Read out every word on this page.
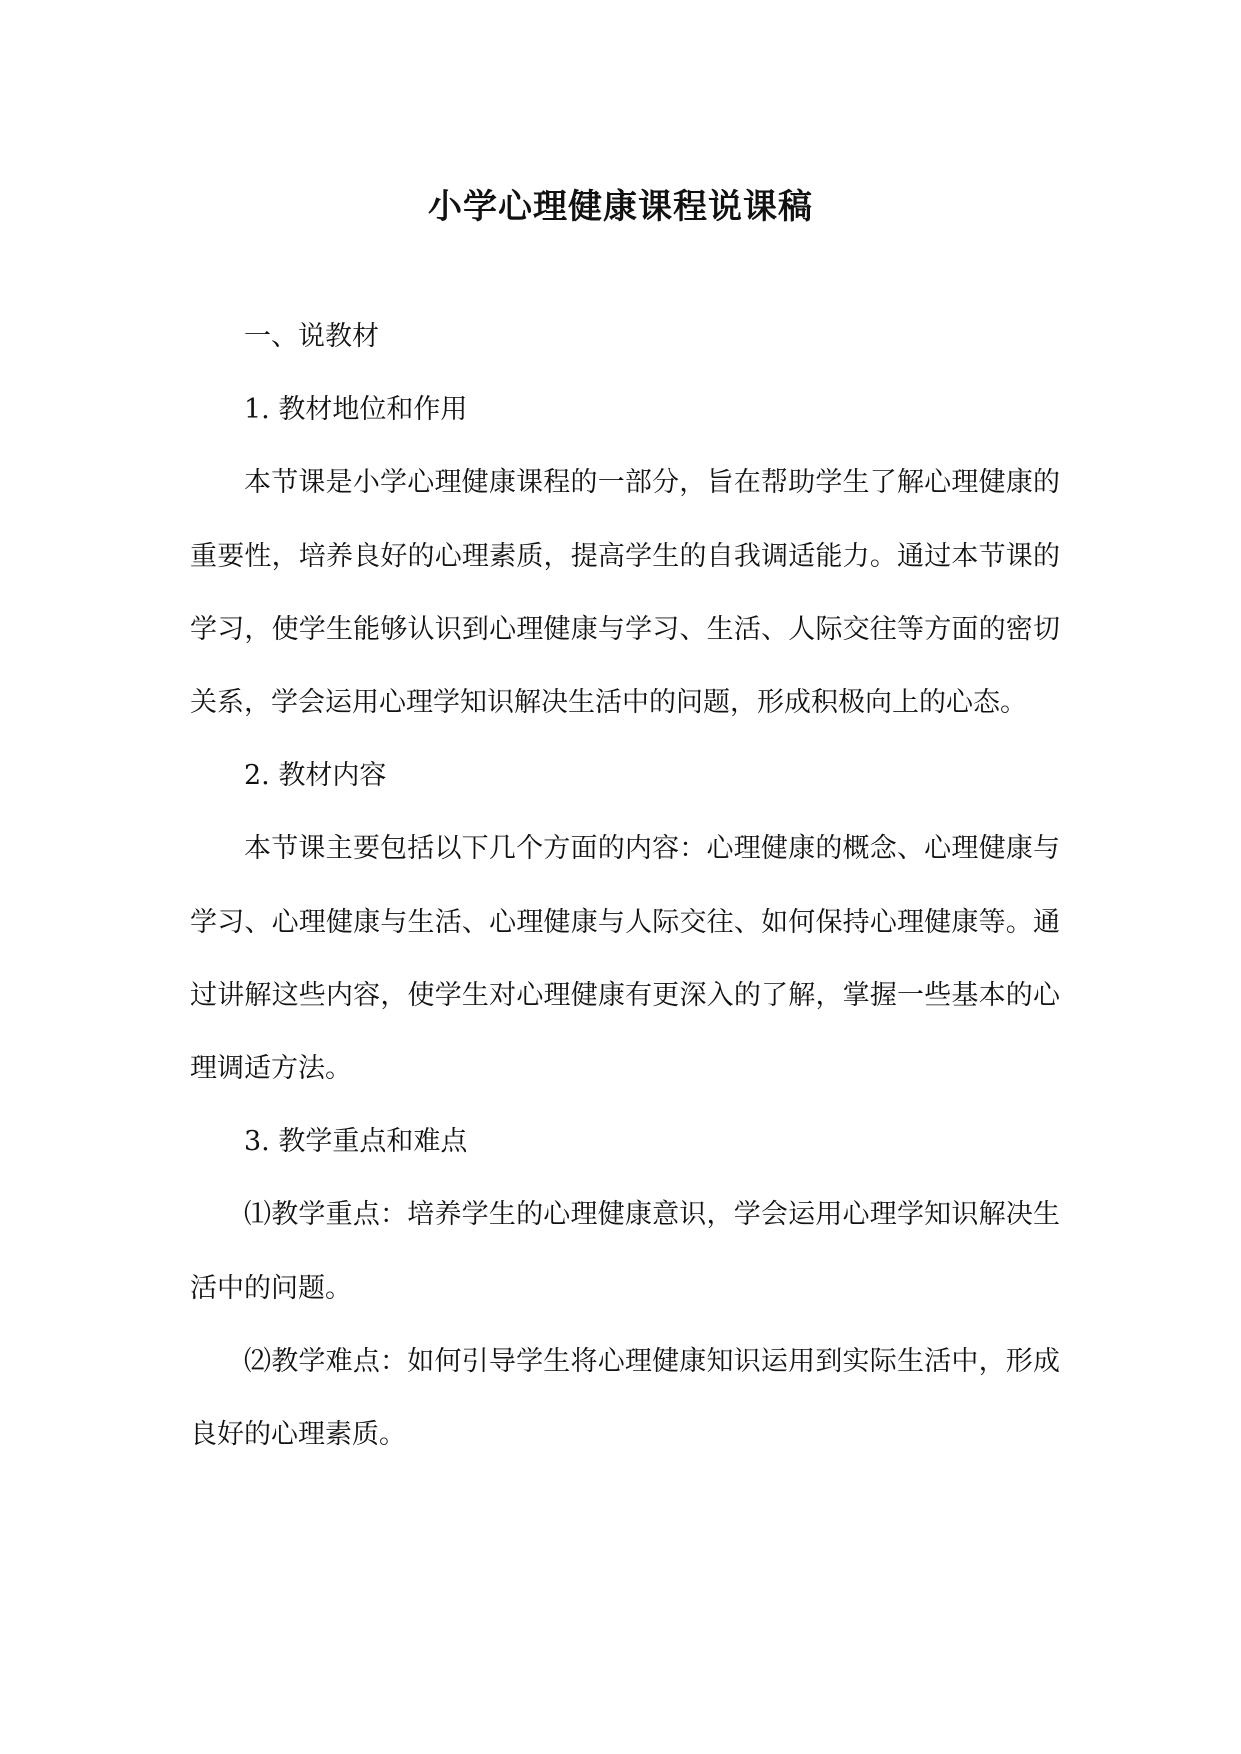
小学心理健康课程说课稿

一、说教材

1. 教材地位和作用

本节课是小学心理健康课程的一部分，旨在帮助学生了解心理健康的重要性，培养良好的心理素质，提高学生的自我调适能力。通过本节课的学习，使学生能够认识到心理健康与学习、生活、人际交往等方面的密切关系，学会运用心理学知识解决生活中的问题，形成积极向上的心态。

2. 教材内容

本节课主要包括以下几个方面的内容：心理健康的概念、心理健康与学习、心理健康与生活、心理健康与人际交往、如何保持心理健康等。通过讲解这些内容，使学生对心理健康有更深入的了解，掌握一些基本的心理调适方法。

3. 教学重点和难点

⑴教学重点：培养学生的心理健康意识，学会运用心理学知识解决生活中的问题。

⑵教学难点：如何引导学生将心理健康知识运用到实际生活中，形成良好的心理素质。
